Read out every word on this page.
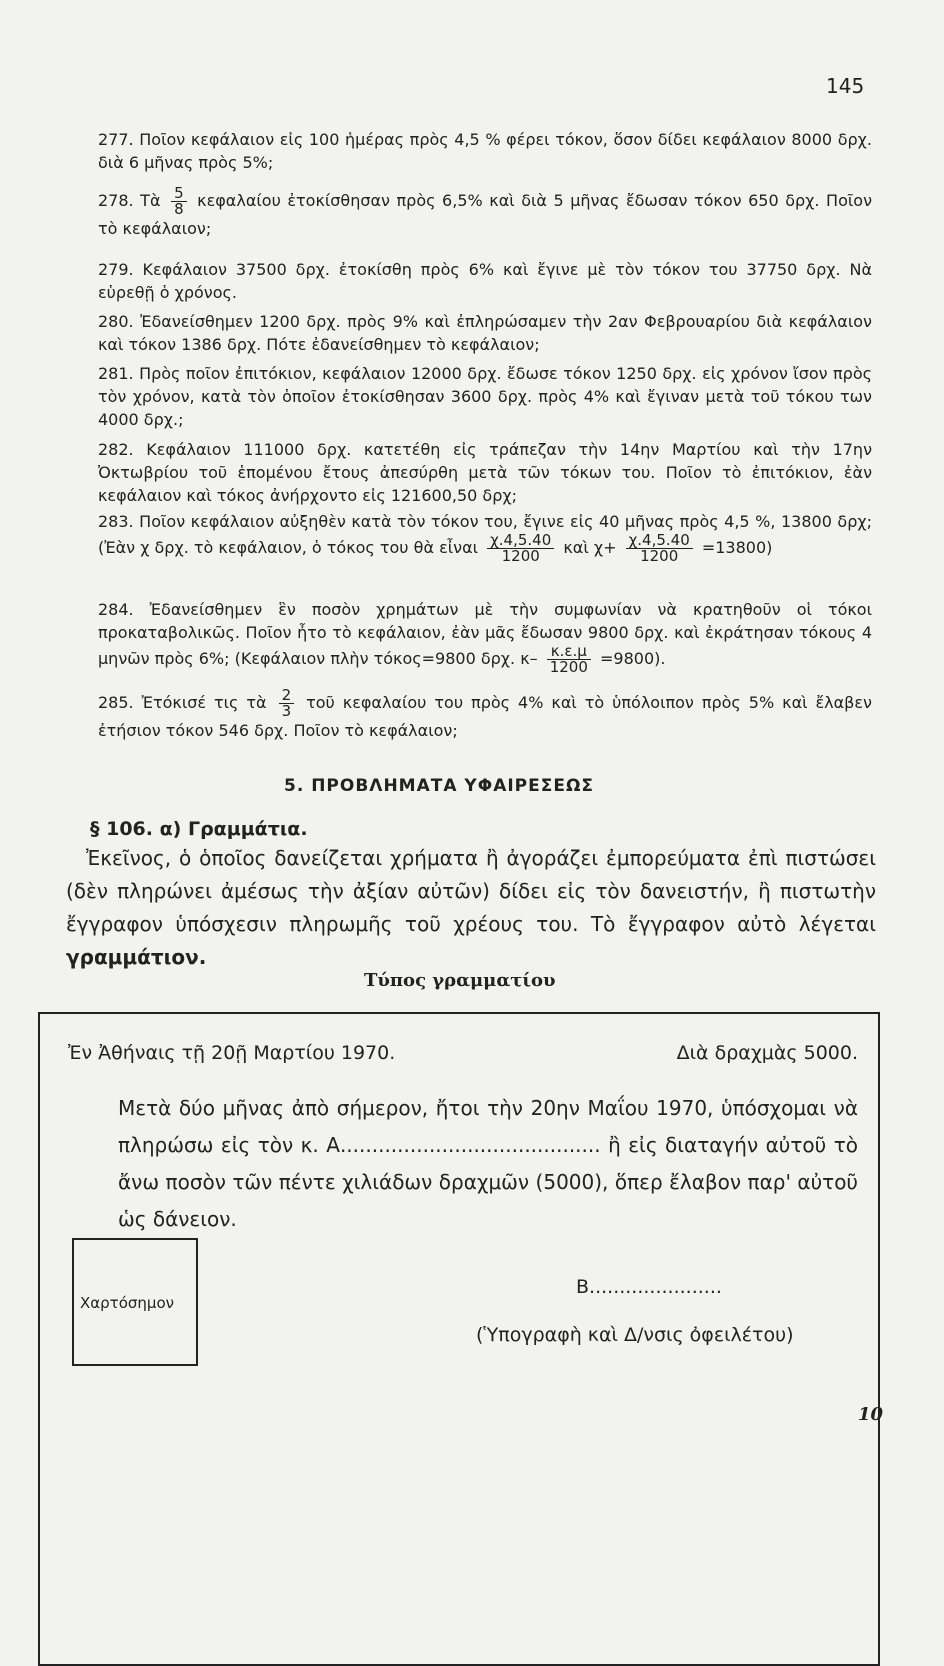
145

277. Ποῖον κεφάλαιον εἰς 100 ἡμέρας πρὸς 4,5 % φέρει τόκον, ὅσον δίδει κεφάλαιον 8000 δρχ. διὰ 6 μῆνας πρὸς 5%;

278. Τὰ $\frac{5}{8}$ κεφαλαίου ἐτοκίσθησαν πρὸς 6,5% καὶ διὰ 5 μῆνας ἔδωσαν τόκον 650 δρχ. Ποῖον τὸ κεφάλαιον;

279. Κεφάλαιον 37500 δρχ. ἐτοκίσθη πρὸς 6% καὶ ἔγινε μὲ τὸν τόκον του 37750 δρχ. Νὰ εὑρεθῇ ὁ χρόνος.

280. Ἐδανείσθημεν 1200 δρχ. πρὸς 9% καὶ ἐπληρώσαμεν τὴν 2αν Φεβρουαρίου διὰ κεφάλαιον καὶ τόκον 1386 δρχ. Πότε ἐδανείσθημεν τὸ κεφάλαιον;

281. Πρὸς ποῖον ἐπιτόκιον, κεφάλαιον 12000 δρχ. ἔδωσε τόκον 1250 δρχ. εἰς χρόνον ἴσον πρὸς τὸν χρόνον, κατὰ τὸν ὁποῖον ἐτοκίσθησαν 3600 δρχ. πρὸς 4% καὶ ἔγιναν μετὰ τοῦ τόκου των 4000 δρχ.;

282. Κεφάλαιον 111000 δρχ. κατετέθη εἰς τράπεζαν τὴν 14ην Μαρτίου καὶ τὴν 17ην Ὀκτωβρίου τοῦ ἑπομένου ἔτους ἀπεσύρθη μετὰ τῶν τόκων του. Ποῖον τὸ ἐπιτόκιον, ἐὰν κεφάλαιον καὶ τόκος ἀνήρχοντο εἰς 121600,50 δρχ;

283. Ποῖον κεφάλαιον αὐξηθὲν κατὰ τὸν τόκον του, ἔγινε εἰς 40 μῆνας πρὸς 4,5 %, 13800 δρχ; (Ἐὰν χ δρχ. τὸ κεφάλαιον, ὁ τόκος του θὰ εἶναι $\frac{\chi.4,5.40}{1200}$ καὶ $\chi+ \frac{\chi.4,5.40}{1200} =13800$)

284. Ἐδανείσθημεν ἓν ποσὸν χρημάτων μὲ τὴν συμφωνίαν νὰ κρατηθοῦν οἱ τόκοι προκαταβολικῶς. Ποῖον ἦτο τὸ κεφάλαιον, ἐὰν μᾶς ἔδωσαν 9800 δρχ. καὶ ἐκράτησαν τόκους 4 μηνῶν πρὸς 6%; (Κεφάλαιον πλὴν τόκος=9800 δρχ. $\kappa- \frac{\kappa.\varepsilon.\mu}{1200} =9800$).

285. Ἐτόκισέ τις τὰ $\frac{2}{3}$ τοῦ κεφαλαίου του πρὸς 4% καὶ τὸ ὑπόλοιπον πρὸς 5% καὶ ἔλαβεν ἐτήσιον τόκον 546 δρχ. Ποῖον τὸ κεφάλαιον;

5. ΠΡΟΒΛΗΜΑΤΑ ΥΦΑΙΡΕΣΕΩΣ
§ 106. α) Γραμμάτια.
Ἐκεῖνος, ὁ ὁποῖος δανείζεται χρήματα ἢ ἀγοράζει ἐμπορεύματα ἐπὶ πιστώσει (δὲν πληρώνει ἀμέσως τὴν ἀξίαν αὐτῶν) δίδει εἰς τὸν δανειστήν, ἢ πιστωτὴν ἔγγραφον ὑπόσχεσιν πληρωμῆς τοῦ χρέους του. Τὸ ἔγγραφον αὐτὸ λέγεται γραμμάτιον.
Τύπος γραμματίου
Ἐν Ἀθήναις τῇ 20ῇ Μαρτίου 1970.	Διὰ δραχμὰς 5000.
Μετὰ δύο μῆνας ἀπὸ σήμερον, ἤτοι τὴν 20ην Μαΐου 1970, ὑπόσχομαι νὰ πληρώσω εἰς τὸν κ. Α......................................... ἢ εἰς διαταγήν αὐτοῦ τὸ ἄνω ποσὸν τῶν πέντε χιλιάδων δραχμῶν (5000), ὅπερ ἔλαβον παρ' αὐτοῦ ὡς δάνειον.
Χαρτόσημον
Β......................
(Ὑπογραφὴ καὶ Δ/νσις ὀφειλέτου)
10
